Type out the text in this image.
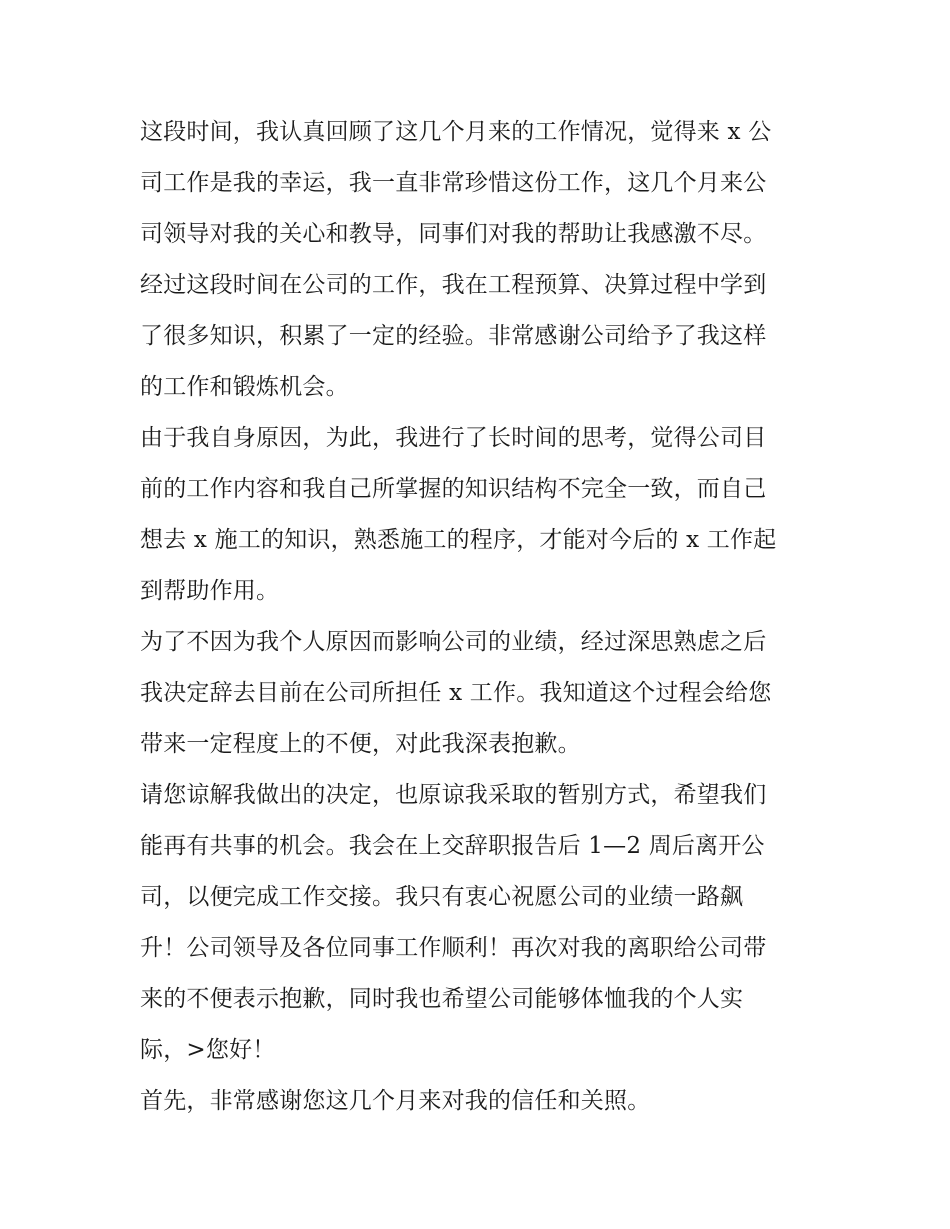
这段时间，我认真回顾了这几个月来的工作情况，觉得来 x 公
司工作是我的幸运，我一直非常珍惜这份工作，这几个月来公
司领导对我的关心和教导，同事们对我的帮助让我感激不尽。

经过这段时间在公司的工作，我在工程预算、决算过程中学到
了很多知识，积累了一定的经验。非常感谢公司给予了我这样
的工作和锻炼机会。

由于我自身原因，为此，我进行了长时间的思考，觉得公司目
前的工作内容和我自己所掌握的知识结构不完全一致，而自己
想去 x 施工的知识，熟悉施工的程序，才能对今后的 x 工作起
到帮助作用。

为了不因为我个人原因而影响公司的业绩，经过深思熟虑之后
我决定辞去目前在公司所担任 x 工作。我知道这个过程会给您
带来一定程度上的不便，对此我深表抱歉。

请您谅解我做出的决定，也原谅我采取的暂别方式，希望我们
能再有共事的机会。我会在上交辞职报告后 1—2 周后离开公
司，以便完成工作交接。我只有衷心祝愿公司的业绩一路飙
升！公司领导及各位同事工作顺利！再次对我的离职给公司带
来的不便表示抱歉，同时我也希望公司能够体恤我的个人实
际，>您好！

首先，非常感谢您这几个月来对我的信任和关照。
